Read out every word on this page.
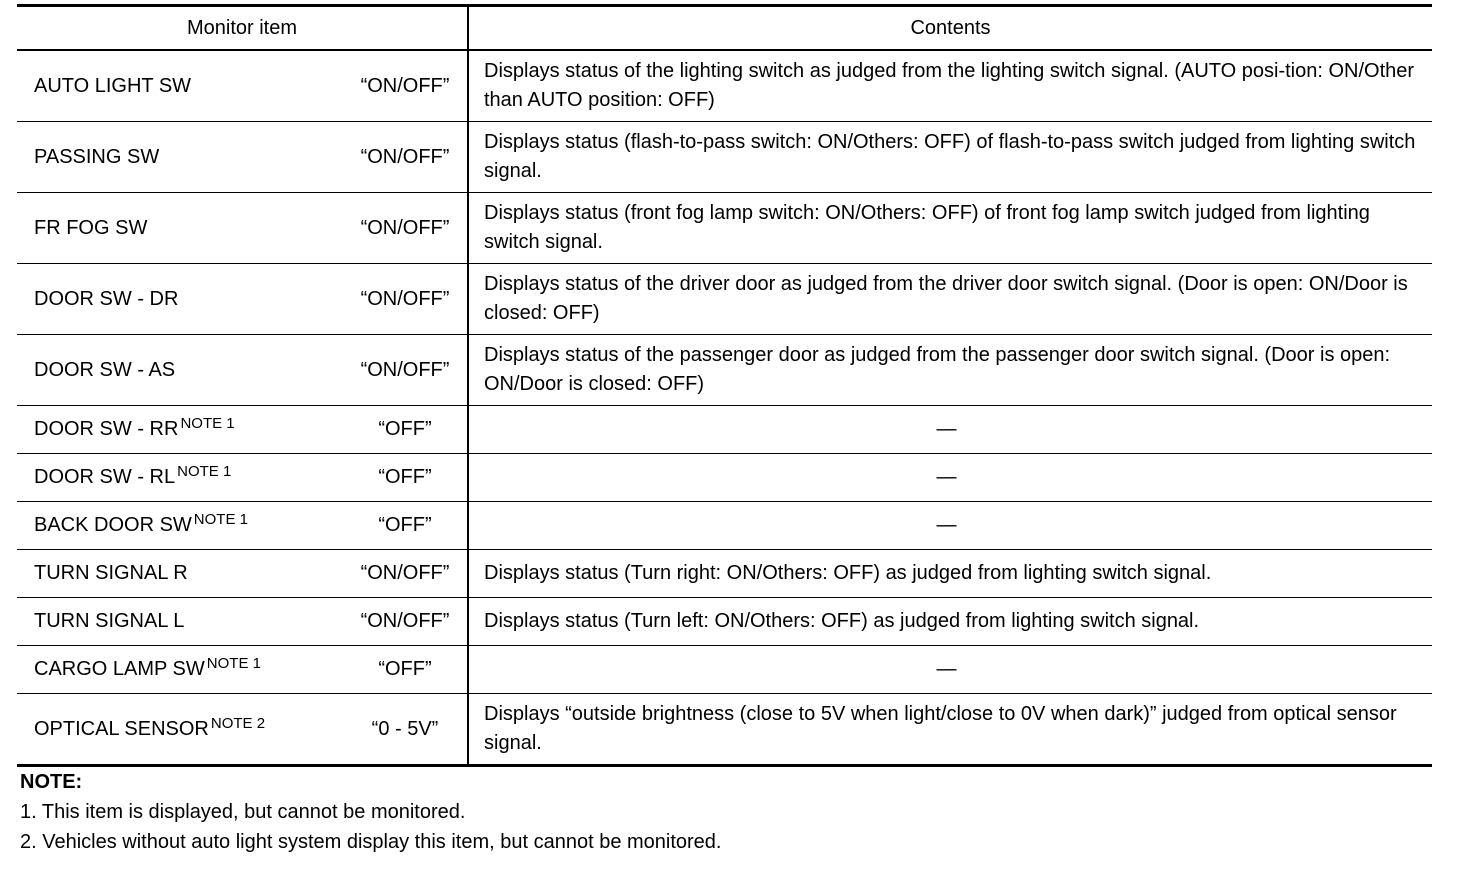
Monitor item		Contents
AUTO LIGHT SW	“ON/OFF”	Displays status of the lighting switch as judged from the lighting switch signal. (AUTO posi-tion: ON/Other than AUTO position: OFF)
PASSING SW	“ON/OFF”	Displays status (flash-to-pass switch: ON/Others: OFF) of flash-to-pass switch judged from lighting switch signal.
FR FOG SW	“ON/OFF”	Displays status (front fog lamp switch: ON/Others: OFF) of front fog lamp switch judged from lighting switch signal.
DOOR SW - DR	“ON/OFF”	Displays status of the driver door as judged from the driver door switch signal. (Door is open: ON/Door is closed: OFF)
DOOR SW - AS	“ON/OFF”	Displays status of the passenger door as judged from the passenger door switch signal. (Door is open: ON/Door is closed: OFF)
DOOR SW - RR $^{NOTE 1}$	“OFF”	—
DOOR SW - RL $^{NOTE 1}$	“OFF”	—
BACK DOOR SW $^{NOTE 1}$	“OFF”	—
TURN SIGNAL R	“ON/OFF”	Displays status (Turn right: ON/Others: OFF) as judged from lighting switch signal.
TURN SIGNAL L	“ON/OFF”	Displays status (Turn left: ON/Others: OFF) as judged from lighting switch signal.
CARGO LAMP SW $^{NOTE 1}$	“OFF”	—
OPTICAL SENSOR $^{NOTE 2}$	“0 - 5V”	Displays “outside brightness (close to 5V when light/close to 0V when dark)” judged from optical sensor signal.
NOTE:
1. This item is displayed, but cannot be monitored.
2. Vehicles without auto light system display this item, but cannot be monitored.
